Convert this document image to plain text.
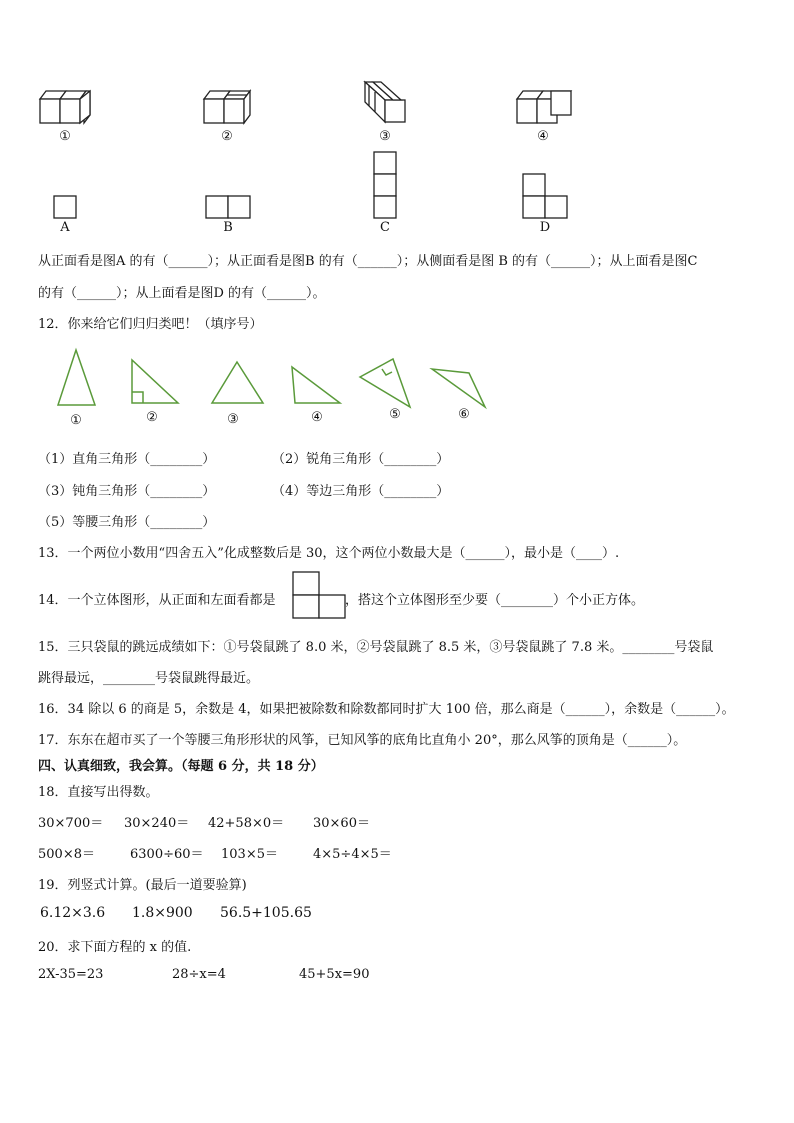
①	②	③	④
A	B	C	D
从正面看是图A 的有（______）；从正面看是图B 的有（______）；从侧面看是图 B 的有（______）；从上面看是图C
的有（______）；从上面看是图D 的有（______）。
12．你来给它们归归类吧！（填序号）
①	②	③	④	⑤	⑥
（1）直角三角形（________）	（2）锐角三角形（________）
（3）钝角三角形（________）	（4）等边三角形（________）
（5）等腰三角形（________）
13．一个两位小数用“四舍五入”化成整数后是 30，这个两位小数最大是（______），最小是（____）.
14．一个立体图形，从正面和左面看都是	，搭这个立体图形至少要（________）个小正方体。
15．三只袋鼠的跳远成绩如下：①号袋鼠跳了 8.0 米，②号袋鼠跳了 8.5 米，③号袋鼠跳了 7.8 米。________号袋鼠
跳得最远，________号袋鼠跳得最近。
16．34 除以 6 的商是 5，余数是 4，如果把被除数和除数都同时扩大 100 倍，那么商是（______），余数是（______）。
17．东东在超市买了一个等腰三角形形状的风筝，已知风筝的底角比直角小 20°，那么风筝的顶角是（______）。
四、认真细致，我会算。（每题 6 分，共 18 分）
18．直接写出得数。
30×700＝ 30×240＝ 42+58×0＝ 30×60＝
500×8＝	6300÷60＝ 103×5＝	4×5÷4×5＝
19．列竖式计算。(最后一道要验算)
6.12×3.6 1.8×900 56.5+105.65
20．求下面方程的 x 的值.
2X-35=23	28÷x=4	45+5x=90
